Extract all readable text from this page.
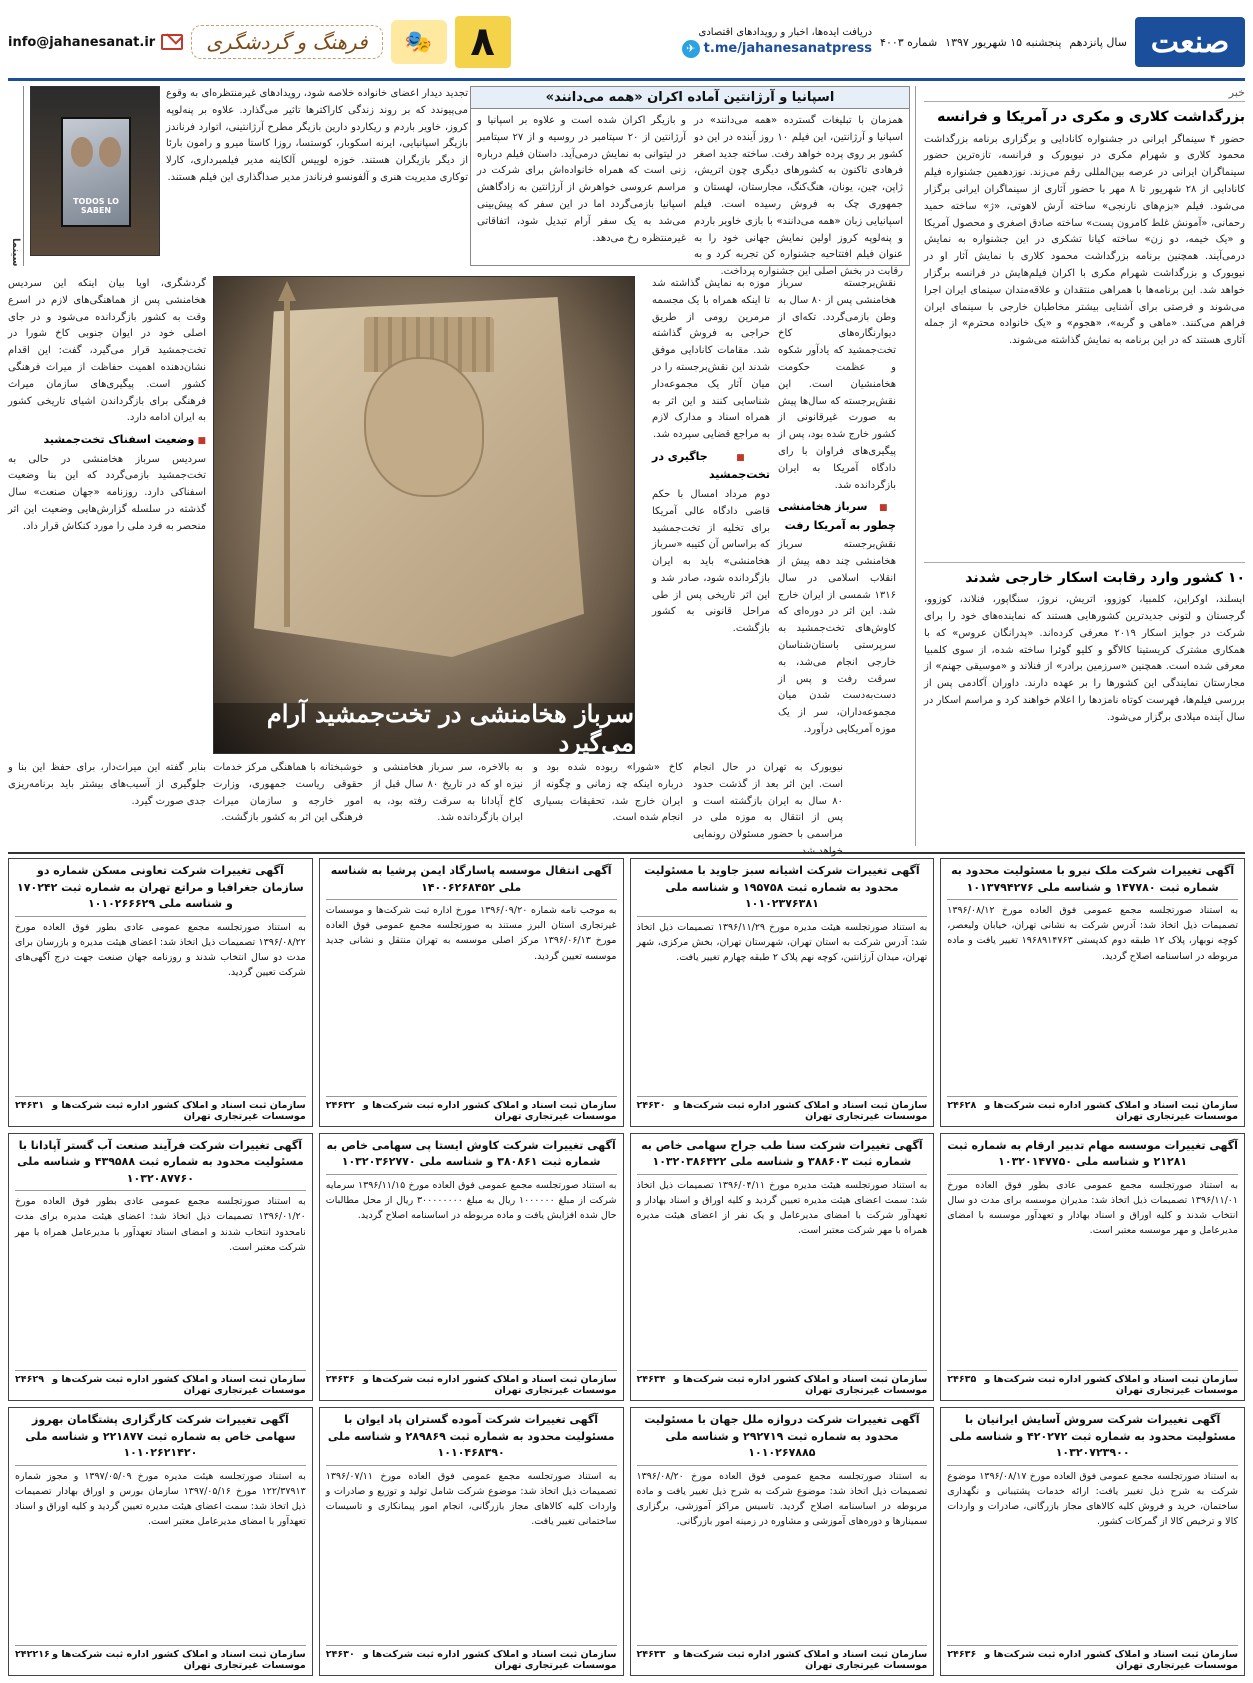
صنعت
سال پانزدهم
پنجشنبه ۱۵ شهریور ۱۳۹۷
شماره ۴۰۰۳
دریافت ایده‌ها، اخبار و رویدادهای اقتصادی
✈ t.me/jahanesanatpress
۸
🎭
فرهنگ و گردشگری
info@jahanesanat.ir
خبر
بزرگداشت کلاری و مکری در آمریکا و فرانسه

حضور ۴ سینماگر ایرانی در جشنواره کانادایی و برگزاری برنامه بزرگداشت محمود کلاری و شهرام مکری در نیویورک و فرانسه، تازه‌ترین حضور سینماگران ایرانی در عرصه بین‌المللی رقم می‌زند. نوزدهمین جشنواره فیلم کانادایی از ۲۸ شهریور تا ۸ مهر با حضور آثاری از سینماگران ایرانی برگزار می‌شود. فیلم «بزم‌های نارنجی» ساخته آرش لاهوتی، «ژ» ساخته حمید رحمانی، «آمونش غلط کامرون پست» ساخته صادق اصغری و محصول آمریکا و «یک خیمه، دو زن» ساخته کیانا تشکری در این جشنواره به نمایش درمی‌آیند. همچنین برنامه بزرگداشت محمود کلاری با نمایش آثار او در نیویورک و بزرگداشت شهرام مکری با اکران فیلم‌هایش در فرانسه برگزار خواهد شد. این برنامه‌ها با همراهی منتقدان و علاقه‌مندان سینمای ایران اجرا می‌شوند و فرصتی برای آشنایی بیشتر مخاطبان خارجی با سینمای ایران فراهم می‌کنند. «ماهی و گربه»، «هجوم» و «یک خانواده محترم» از جمله آثاری هستند که در این برنامه به نمایش گذاشته می‌شوند.

۱۰ کشور وارد رقابت اسکار خارجی شدند

ایسلند، اوکراین، کلمبیا، کوزوو، اتریش، نروژ، سنگاپور، فنلاند، کوزوو، گرجستان و لتونی جدیدترین کشورهایی هستند که نماینده‌های خود را برای شرکت در جوایز اسکار ۲۰۱۹ معرفی کرده‌اند. «پدرانگان عروس» که با همکاری مشترک کریستینا کالاگو و کلیو گوئرا ساخته شده، از سوی کلمبیا معرفی شده است. همچنین «سرزمین برادر» از فنلاند و «موسیقی جهنم» از مجارستان نمایندگی این کشورها را بر عهده دارند. داوران آکادمی پس از بررسی فیلم‌ها، فهرست کوتاه نامزدها را اعلام خواهند کرد و مراسم اسکار در سال آینده میلادی برگزار می‌شود.

اسپانیا و آرژانتین آماده اکران «همه می‌دانند»

همزمان با تبلیغات گسترده «همه می‌دانند» در اسپانیا و آرژانتین، این فیلم ۱۰ روز آینده در این دو کشور بر روی پرده خواهد رفت. ساخته جدید اصغر فرهادی تاکنون به کشورهای دیگری چون اتریش، ژاپن، چین، یونان، هنگ‌کنگ، مجارستان، لهستان و جمهوری چک به فروش رسیده است. فیلم اسپانیایی زبان «همه می‌دانند» با بازی خاویر باردم و پنه‌لوپه کروز اولین نمایش جهانی خود را به عنوان فیلم افتتاحیه جشنواره کن تجربه کرد و به رقابت در بخش اصلی این جشنواره پرداخت.

و بازیگر اکران شده است و علاوه بر اسپانیا و آرژانتین از ۲۰ سپتامبر در روسیه و از ۲۷ سپتامبر در لیتوانی به نمایش درمی‌آید. داستان فیلم درباره زنی است که همراه خانواده‌اش برای شرکت در مراسم عروسی خواهرش از آرژانتین به زادگاهش اسپانیا بازمی‌گردد اما در این سفر که پیش‌بینی می‌شد به یک سفر آرام تبدیل شود، اتفاقاتی غیرمنتظره رخ می‌دهد.

تجدید دیدار اعضای خانواده خلاصه شود، رویدادهای غیرمنتظره‌ای به وقوع می‌پیوندد که بر روند زندگی کاراکترها تاثیر می‌گذارد. علاوه بر پنه‌لوپه کروز، خاویر باردم و ریکاردو دارین بازیگر مطرح آرژانتینی، اتوارد فرناندز بازیگر اسپانیایی، ایرنه اسکوبار، کوستسا، روزا کاستا میرو و رامون بارئا از دیگر بازیگران هستند. خوزه لوییس آلکاینه مدیر فیلمبرداری، کارلا توکاری مدیریت هنری و آلفونسو فرناندز مدیر صداگذاری این فیلم هستند.

TODOS LO SABEN
سینما

نقش‌برجسته سرباز هخامنشی پس از ۸۰ سال به وطن بازمی‌گردد. تکه‌ای از دیوارنگاره‌های کاخ تخت‌جمشید که یادآور شکوه و عظمت حکومت هخامنشیان است. این نقش‌برجسته که سال‌ها پیش به صورت غیرقانونی از کشور خارج شده بود، پس از پیگیری‌های فراوان با رای دادگاه آمریکا به ایران بازگردانده شد.

■ سرباز هخامنشی چطور به آمریکا رفت

نقش‌برجسته سرباز هخامنشی چند دهه پیش از انقلاب اسلامی در سال ۱۳۱۶ شمسی از ایران خارج شد. این اثر در دوره‌ای که کاوش‌های تخت‌جمشید به سرپرستی باستان‌شناسان خارجی انجام می‌شد، به سرقت رفت و پس از دست‌به‌دست شدن میان مجموعه‌داران، سر از یک موزه آمریکایی درآورد.

موزه به نمایش گذاشته شد تا اینکه همراه با یک مجسمه مرمرین رومی از طریق حراجی به فروش گذاشته شد. مقامات کانادایی موفق شدند این نقش‌برجسته را در میان آثار یک مجموعه‌دار شناسایی کنند و این اثر به همراه اسناد و مدارک لازم به مراجع قضایی سپرده شد.

■ جاگیری در تخت‌جمشید

دوم مرداد امسال با حکم قاضی دادگاه عالی آمریکا برای تخلیه از تخت‌جمشید که براساس آن کتیبه «سرباز هخامنشی» باید به ایران بازگردانده شود، صادر شد و این اثر تاریخی پس از طی مراحل قانونی به کشور بازگشت.

سرباز هخامنشی در تخت‌جمشید آرام می‌گیرد

گردشگری، اویا بیان اینکه این سردیس هخامنشی پس از هماهنگی‌های لازم در اسرع وقت به کشور بازگردانده می‌شود و در جای اصلی خود در ایوان جنوبی کاخ شورا در تخت‌جمشید قرار می‌گیرد، گفت: این اقدام نشان‌دهنده اهمیت حفاظت از میراث فرهنگی کشور است. پیگیری‌های سازمان میراث فرهنگی برای بازگرداندن اشیای تاریخی کشور به ایران ادامه دارد.

■ وضعیت اسفناک تخت‌جمشید

سردیس سرباز هخامنشی در حالی به تخت‌جمشید بازمی‌گردد که این بنا وضعیت اسفناکی دارد. روزنامه «جهان صنعت» سال گذشته در سلسله گزارش‌هایی وضعیت این اثر منحصر به فرد ملی را مورد کنکاش قرار داد.

نیویورک به تهران در حال انجام است. این اثر بعد از گذشت حدود ۸۰ سال به ایران بازگشته است و پس از انتقال به موزه ملی در مراسمی با حضور مسئولان رونمایی

کاخ «شورا» ربوده شده بود و درباره اینکه چه زمانی و چگونه از ایران خارج شد، تحقیقات بسیاری انجام شده است.

به بالاخره، سر سرباز هخامنشی و نیزه او که در تاریخ ۸۰ سال قبل از کاخ آپادانا به سرقت رفته بود، به ایران بازگردانده شد.

خوشبختانه با هماهنگی مرکز خدمات حقوقی ریاست جمهوری، وزارت امور خارجه و سازمان میراث فرهنگی این اثر به کشور بازگشت.

بنابر گفته این میراث‌دار، برای حفظ این بنا و جلوگیری از آسیب‌های بیشتر باید برنامه‌ریزی جدی صورت گیرد.

آگهی تغییرات شرکت ملک نیرو با مسئولیت محدود به شماره ثبت ۱۴۷۷۸۰ و شناسه ملی ۱۰۱۳۷۹۴۲۷۶
به استناد صورتجلسه مجمع عمومی فوق العاده مورخ ۱۳۹۶/۰۸/۱۲ تصمیمات ذیل اتخاذ شد: آدرس شرکت به نشانی تهران، خیابان ولیعصر، کوچه نوبهار، پلاک ۱۲ طبقه دوم کدپستی ۱۹۶۸۹۱۴۷۶۳ تغییر یافت و ماده مربوطه در اساسنامه اصلاح گردید.
سازمان ثبت اسناد و املاک کشور اداره ثبت شرکت‌ها و موسسات غیرتجاری تهران
۲۴۶۲۸
آگهی تغییرات شرکت اشیانه سبز جاوید با مسئولیت محدود به شماره ثبت ۱۹۵۷۵۸ و شناسه ملی ۱۰۱۰۲۳۷۶۳۸۱
به استناد صورتجلسه هیئت مدیره مورخ ۱۳۹۶/۱۱/۲۹ تصمیمات ذیل اتخاذ شد: آدرس شرکت به استان تهران، شهرستان تهران، بخش مرکزی، شهر تهران، میدان آرژانتین، کوچه نهم پلاک ۲ طبقه چهارم تغییر یافت.
سازمان ثبت اسناد و املاک کشور اداره ثبت شرکت‌ها و موسسات غیرتجاری تهران
۲۴۶۳۰
آگهی انتقال موسسه پاسارگاد ایمن پرشیا به شناسه ملی ۱۴۰۰۶۲۶۸۴۵۲
به موجب نامه شماره ۱۳۹۶/۰۹/۲۰ مورخ اداره ثبت شرکت‌ها و موسسات غیرتجاری استان البرز مستند به صورتجلسه مجمع عمومی فوق العاده مورخ ۱۳۹۶/۰۶/۱۳ مرکز اصلی موسسه به تهران منتقل و نشانی جدید موسسه تعیین گردید.
سازمان ثبت اسناد و املاک کشور اداره ثبت شرکت‌ها و موسسات غیرتجاری تهران
۲۴۶۳۲
آگهی تغییرات شرکت تعاونی مسکن شماره دو سازمان جغرافیا و مراتع تهران به شماره ثبت ۱۷۰۲۴۲ و شناسه ملی ۱۰۱۰۲۶۶۶۲۹
به استناد صورتجلسه مجمع عمومی عادی بطور فوق العاده مورخ ۱۳۹۶/۰۸/۲۲ تصمیمات ذیل اتخاذ شد: اعضای هیئت مدیره و بازرسان برای مدت دو سال انتخاب شدند و روزنامه جهان صنعت جهت درج آگهی‌های شرکت تعیین گردید.
سازمان ثبت اسناد و املاک کشور اداره ثبت شرکت‌ها و موسسات غیرتجاری تهران
۲۴۶۳۱
آگهی تغییرات موسسه مهام تدبیر ارقام به شماره ثبت ۲۱۲۸۱ و شناسه ملی ۱۰۳۲۰۱۴۷۷۵۰
به استناد صورتجلسه مجمع عمومی عادی بطور فوق العاده مورخ ۱۳۹۶/۱۱/۰۱ تصمیمات ذیل اتخاذ شد: مدیران موسسه برای مدت دو سال انتخاب شدند و کلیه اوراق و اسناد بهادار و تعهدآور موسسه با امضای مدیرعامل و مهر موسسه معتبر است.
سازمان ثبت اسناد و املاک کشور اداره ثبت شرکت‌ها و موسسات غیرتجاری تهران
۲۴۶۳۵
آگهی تغییرات شرکت سنا طب جراح سهامی خاص به شماره ثبت ۳۸۸۶۰۳ و شناسه ملی ۱۰۳۲۰۳۸۶۴۲۲
به استناد صورتجلسه هیئت مدیره مورخ ۱۳۹۶/۰۴/۱۱ تصمیمات ذیل اتخاذ شد: سمت اعضای هیئت مدیره تعیین گردید و کلیه اوراق و اسناد بهادار و تعهدآور شرکت با امضای مدیرعامل و یک نفر از اعضای هیئت مدیره همراه با مهر شرکت معتبر است.
سازمان ثبت اسناد و املاک کشور اداره ثبت شرکت‌ها و موسسات غیرتجاری تهران
۲۴۶۳۴
آگهی تغییرات شرکت کاوش ایستا پی سهامی خاص به شماره ثبت ۳۸۰۸۶۱ و شناسه ملی ۱۰۳۲۰۳۶۲۷۷۰
به استناد صورتجلسه مجمع عمومی فوق العاده مورخ ۱۳۹۶/۱۱/۱۵ سرمایه شرکت از مبلغ ۱۰۰۰۰۰۰ ریال به مبلغ ۳۰۰۰۰۰۰۰۰ ریال از محل مطالبات حال شده افزایش یافت و ماده مربوطه در اساسنامه اصلاح گردید.
سازمان ثبت اسناد و املاک کشور اداره ثبت شرکت‌ها و موسسات غیرتجاری تهران
۲۴۶۳۶
آگهی تغییرات شرکت فرآیند صنعت آب گستر آپادانا با مسئولیت محدود به شماره ثبت ۴۳۹۵۸۸ و شناسه ملی ۱۰۳۲۰۸۷۷۶۰
به استناد صورتجلسه مجمع عمومی عادی بطور فوق العاده مورخ ۱۳۹۶/۰۱/۲۰ تصمیمات ذیل اتخاذ شد: اعضای هیئت مدیره برای مدت نامحدود انتخاب شدند و امضای اسناد تعهدآور با مدیرعامل همراه با مهر شرکت معتبر است.
سازمان ثبت اسناد و املاک کشور اداره ثبت شرکت‌ها و موسسات غیرتجاری تهران
۲۴۶۲۹
آگهی تغییرات شرکت سروش آسایش ایرانیان با مسئولیت محدود به شماره ثبت ۴۲۰۲۷۲ و شناسه ملی ۱۰۳۲۰۷۲۳۹۰۰
به استناد صورتجلسه مجمع عمومی فوق العاده مورخ ۱۳۹۶/۰۸/۱۷ موضوع شرکت به شرح ذیل تغییر یافت: ارائه خدمات پشتیبانی و نگهداری ساختمان، خرید و فروش کلیه کالاهای مجاز بازرگانی، صادرات و واردات کالا و ترخیص کالا از گمرکات کشور.
سازمان ثبت اسناد و املاک کشور اداره ثبت شرکت‌ها و موسسات غیرتجاری تهران
۲۴۶۳۶
آگهی تغییرات شرکت دروازه ملل جهان با مسئولیت محدود به شماره ثبت ۲۹۲۷۱۹ و شناسه ملی ۱۰۱۰۲۶۷۸۸۵
به استناد صورتجلسه مجمع عمومی فوق العاده مورخ ۱۳۹۶/۰۸/۲۰ تصمیمات ذیل اتخاذ شد: موضوع شرکت به شرح ذیل تغییر یافت و ماده مربوطه در اساسنامه اصلاح گردید. تاسیس مراکز آموزشی، برگزاری سمینارها و دوره‌های آموزشی و مشاوره در زمینه امور بازرگانی.
سازمان ثبت اسناد و املاک کشور اداره ثبت شرکت‌ها و موسسات غیرتجاری تهران
۲۴۶۳۳
آگهی تغییرات شرکت آموده گستران پاد ایوان با مسئولیت محدود به شماره ثبت ۲۸۹۸۶۹ و شناسه ملی ۱۰۱۰۴۶۸۳۹۰
به استناد صورتجلسه مجمع عمومی فوق العاده مورخ ۱۳۹۶/۰۷/۱۱ تصمیمات ذیل اتخاذ شد: موضوع شرکت شامل تولید و توزیع و صادرات و واردات کلیه کالاهای مجاز بازرگانی، انجام امور پیمانکاری و تاسیسات ساختمانی تغییر یافت.
سازمان ثبت اسناد و املاک کشور اداره ثبت شرکت‌ها و موسسات غیرتجاری تهران
۲۴۶۳۰
آگهی تغییرات شرکت کارگزاری پشتگامان بهروز سهامی خاص به شماره ثبت ۲۲۱۸۷۷ و شناسه ملی ۱۰۱۰۲۶۲۱۴۲۰
به استناد صورتجلسه هیئت مدیره مورخ ۱۳۹۷/۰۵/۰۹ و مجوز شماره ۱۲۲/۳۷۹۱۳ مورخ ۱۳۹۷/۰۵/۱۶ سازمان بورس و اوراق بهادار تصمیمات ذیل اتخاذ شد: سمت اعضای هیئت مدیره تعیین گردید و کلیه اوراق و اسناد تعهدآور با امضای مدیرعامل معتبر است.
سازمان ثبت اسناد و املاک کشور اداره ثبت شرکت‌ها و موسسات غیرتجاری تهران
۲۴۲۲۱۶
